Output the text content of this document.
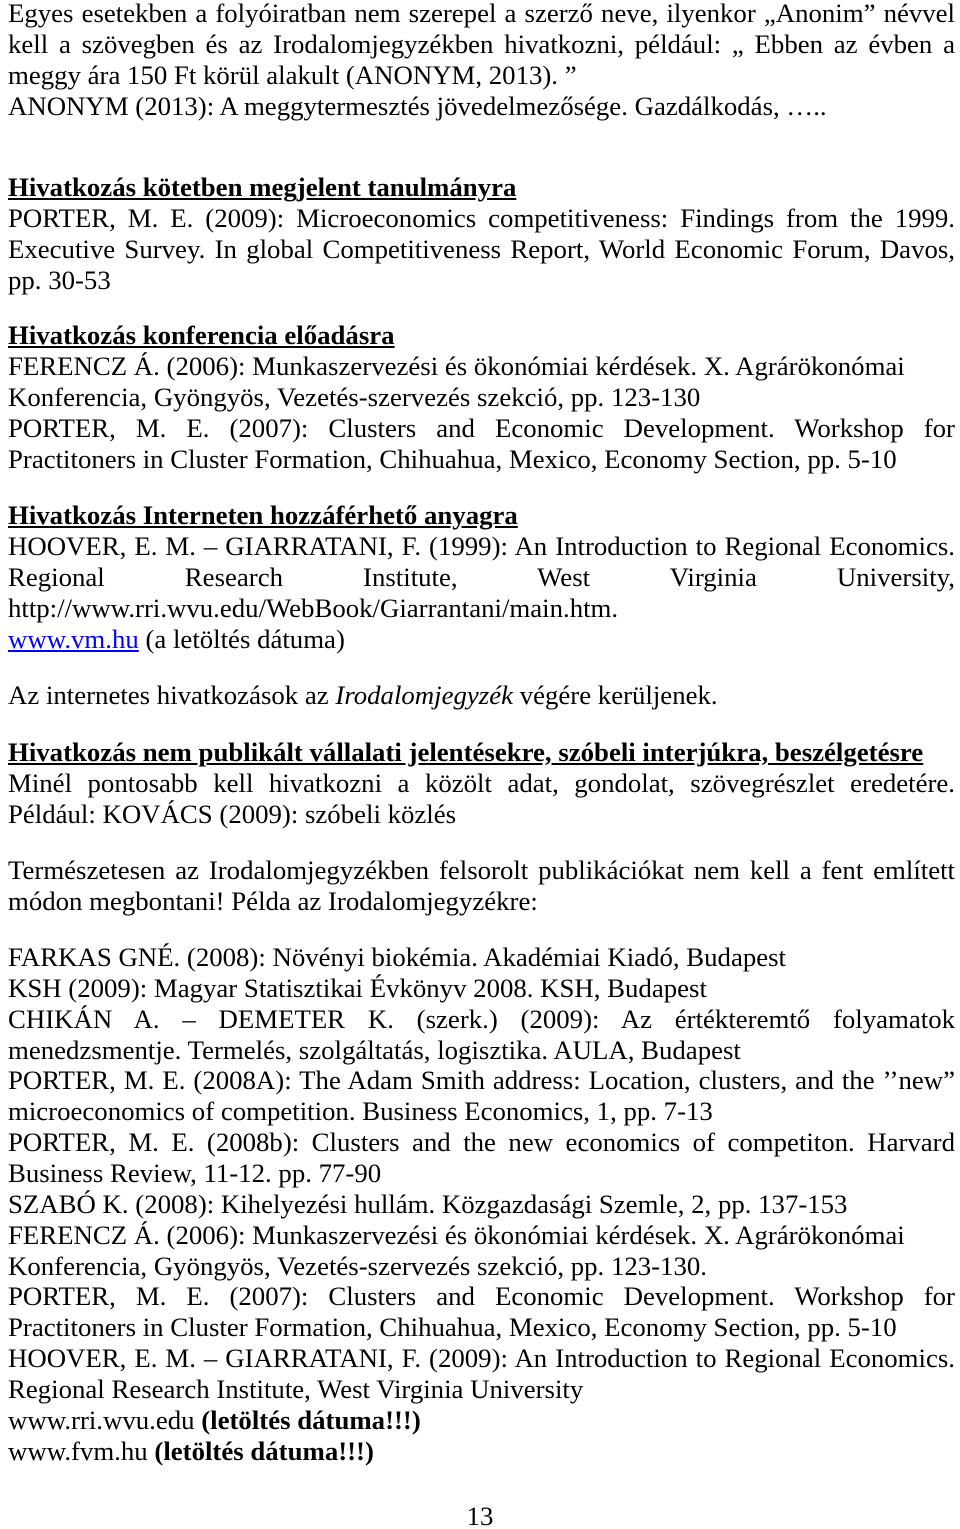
Egyes esetekben a folyóiratban nem szerepel a szerző neve, ilyenkor „Anonim” névvel
kell a szövegben és az Irodalomjegyzékben hivatkozni, például: „ Ebben az évben a
meggy ára 150 Ft körül alakult (ANONYM, 2013). ”
ANONYM (2013): A meggytermesztés jövedelmezősége. Gazdálkodás, …..
Hivatkozás kötetben megjelent tanulmányra
PORTER, M. E. (2009): Microeconomics competitiveness: Findings from the 1999.
Executive Survey. In global Competitiveness Report, World Economic Forum, Davos,
pp. 30-53
Hivatkozás konferencia előadásra
FERENCZ Á. (2006): Munkaszervezési és ökonómiai kérdések. X. Agrárökonómai
Konferencia, Gyöngyös, Vezetés-szervezés szekció, pp. 123-130
PORTER, M. E. (2007): Clusters and Economic Development. Workshop for
Practitoners in Cluster Formation, Chihuahua, Mexico, Economy Section, pp. 5-10
Hivatkozás Interneten hozzáférhető anyagra
HOOVER, E. M. – GIARRATANI, F. (1999): An Introduction to Regional Economics.
Regional Research Institute, West Virginia University,
http://www.rri.wvu.edu/WebBook/Giarrantani/main.htm.
www.vm.hu (a letöltés dátuma)
Az internetes hivatkozások az Irodalomjegyzék végére kerüljenek.
Hivatkozás nem publikált vállalati jelentésekre, szóbeli interjúkra, beszélgetésre
Minél pontosabb kell hivatkozni a közölt adat, gondolat, szövegrészlet eredetére.
Például: KOVÁCS (2009): szóbeli közlés
Természetesen az Irodalomjegyzékben felsorolt publikációkat nem kell a fent említett
módon megbontani! Példa az Irodalomjegyzékre:
FARKAS GNÉ. (2008): Növényi biokémia. Akadémiai Kiadó, Budapest
KSH (2009): Magyar Statisztikai Évkönyv 2008. KSH, Budapest
CHIKÁN A. – DEMETER K. (szerk.) (2009): Az értékteremtő folyamatok
menedzsmentje. Termelés, szolgáltatás, logisztika. AULA, Budapest
PORTER, M. E. (2008A): The Adam Smith address: Location, clusters, and the ’’new”
microeconomics of competition. Business Economics, 1, pp. 7-13
PORTER, M. E. (2008b): Clusters and the new economics of competiton. Harvard
Business Review, 11-12. pp. 77-90
SZABÓ K. (2008): Kihelyezési hullám. Közgazdasági Szemle, 2, pp. 137-153
FERENCZ Á. (2006): Munkaszervezési és ökonómiai kérdések. X. Agrárökonómai
Konferencia, Gyöngyös, Vezetés-szervezés szekció, pp. 123-130.
PORTER, M. E. (2007): Clusters and Economic Development. Workshop for
Practitoners in Cluster Formation, Chihuahua, Mexico, Economy Section, pp. 5-10
HOOVER, E. M. – GIARRATANI, F. (2009): An Introduction to Regional Economics.
Regional Research Institute, West Virginia University
www.rri.wvu.edu (letöltés dátuma!!!)
www.fvm.hu (letöltés dátuma!!!)
13
